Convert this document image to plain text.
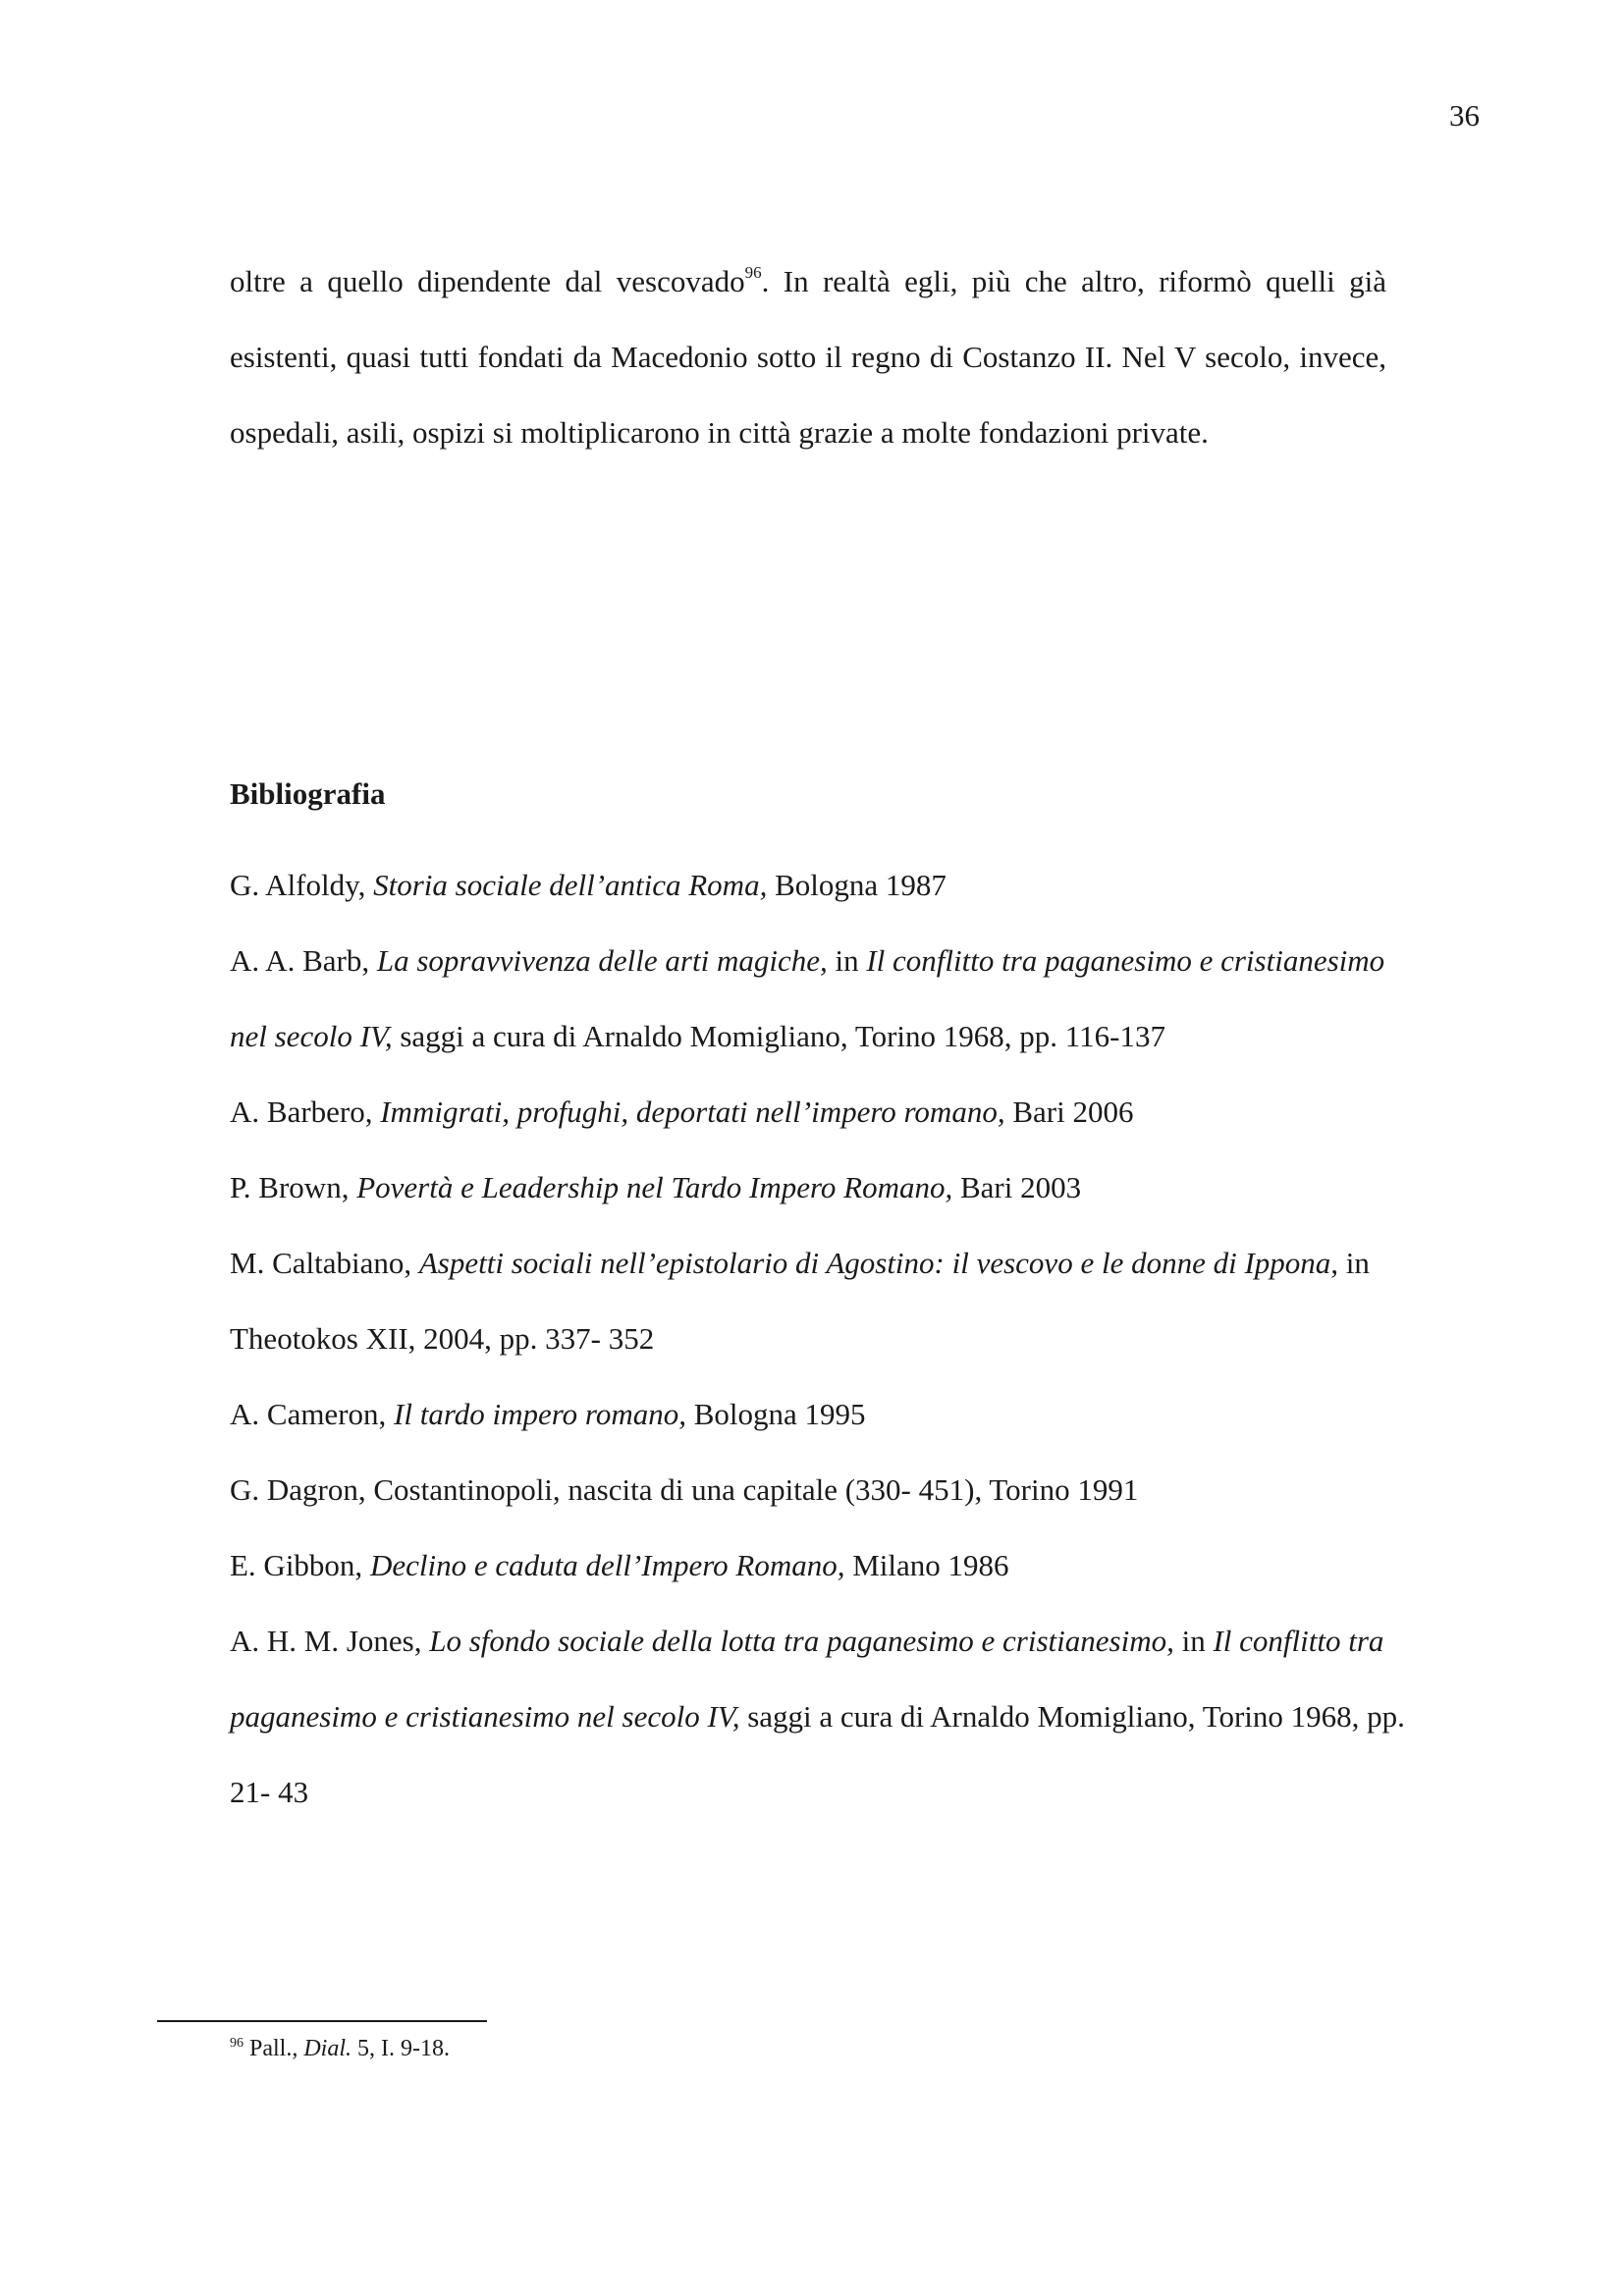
36

oltre a quello dipendente dal vescovado$^{96}$. In realtà egli, più che altro, riformò quelli già esistenti, quasi tutti fondati da Macedonio sotto il regno di Costanzo II. Nel V secolo, invece, ospedali, asili, ospizi si moltiplicarono in città grazie a molte fondazioni private.

Bibliografia
G. Alfoldy, Storia sociale dell’antica Roma, Bologna 1987
A. A. Barb, La sopravvivenza delle arti magiche, in Il conflitto tra paganesimo e cristianesimo nel secolo IV, saggi a cura di Arnaldo Momigliano, Torino 1968, pp. 116-137
A. Barbero, Immigrati, profughi, deportati nell’impero romano, Bari 2006
P. Brown, Povertà e Leadership nel Tardo Impero Romano, Bari 2003
M. Caltabiano, Aspetti sociali nell’epistolario di Agostino: il vescovo e le donne di Ippona, in Theotokos XII, 2004, pp. 337- 352
A. Cameron, Il tardo impero romano, Bologna 1995
G. Dagron, Costantinopoli, nascita di una capitale (330- 451), Torino 1991
E. Gibbon, Declino e caduta dell’Impero Romano, Milano 1986
A. H. M. Jones, Lo sfondo sociale della lotta tra paganesimo e cristianesimo, in Il conflitto tra paganesimo e cristianesimo nel secolo IV, saggi a cura di Arnaldo Momigliano, Torino 1968, pp. 21- 43
$^{96}$ Pall., Dial. 5, I. 9-18.
